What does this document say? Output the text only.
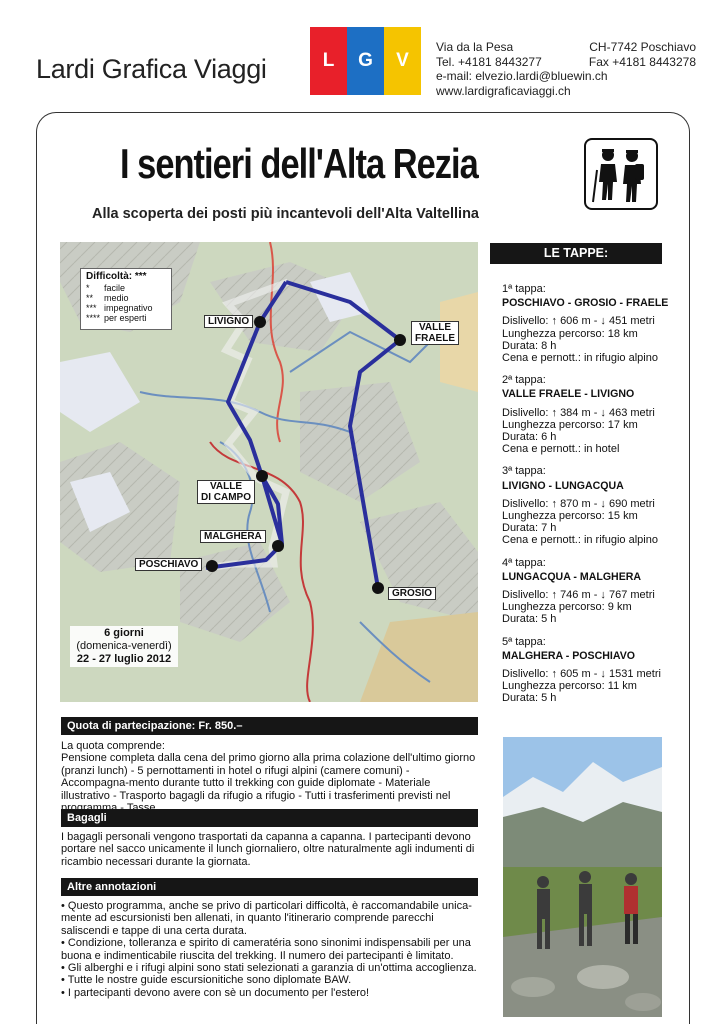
Lardi Grafica Viaggi	L	G	V
Via da la Pesa	CH-7742 Poschiavo
Tel. +4181 8443277	Fax +4181 8443278
e-mail: elvezio.lardi@bluewin.ch
www.lardigraficaviaggi.ch
I sentieri dell'Alta Rezia
Alla scoperta dei posti più incantevoli dell'Alta Valtellina
Difficoltà: ***
*	facile
**	medio
*** impegnativo
**** per esperti	LIVIGNO
VALLE
FRAELE
VALLE
DI CAMPO
MALGHERA
POSCHIAVO
GROSIO
6 giorni
(domenica-venerdì)
22 - 27 luglio 2012
LE TAPPE:
1ª tappa:
POSCHIAVO - GROSIO - FRAELE
Dislivello: ↑ 606 m - ↓ 451 metri
Lunghezza percorso: 18 km
Durata: 8 h
Cena e pernott.: in rifugio alpino
2ª tappa:
VALLE FRAELE - LIVIGNO
Dislivello: ↑ 384 m - ↓ 463 metri
Lunghezza percorso: 17 km
Durata: 6 h
Cena e pernott.: in hotel
3ª tappa:
LIVIGNO - LUNGACQUA
Dislivello: ↑ 870 m - ↓ 690 metri
Lunghezza percorso: 15 km
Durata: 7 h
Cena e pernott.: in rifugio alpino
4ª tappa:
LUNGACQUA - MALGHERA
Dislivello: ↑ 746 m - ↓ 767 metri
Lunghezza percorso: 9 km
Durata: 5 h
5ª tappa:
MALGHERA - POSCHIAVO
Dislivello: ↑ 605 m - ↓ 1531 metri
Lunghezza percorso: 11 km
Durata: 5 h
Quota di partecipazione: Fr. 850.–
La quota comprende:
Pensione completa dalla cena del primo giorno alla prima colazione dell'ultimo giorno (pranzi lunch) - 5 pernottamenti in hotel o rifugi alpini (camere comuni) - Accompagna-mento durante tutto il trekking con guide diplomate - Materiale illustrativo - Trasporto bagagli da rifugio a rifugio - Tutti i trasferimenti previsti nel
Bagagli
I bagagli personali vengono trasportati da capanna a capanna. I partecipanti devono portare nel sacco unicamente il lunch giornaliero, oltre naturalmente agli indumenti di ricambio necessari durante la giornata.
Altre annotazioni
• Questo programma, anche se privo di particolari difficoltà, è raccomandabile unica-mente ad escursionisti ben allenati, in quanto l'itinerario comprende parecchi saliscendi e tappe di una certa durata.
• Condizione, tolleranza e spirito di cameratéria sono sinonimi indispensabili per una buona e indimenticabile riuscita del trekking. Il numero dei partecipanti è limitato.
• Gli alberghi e i rifugi alpini sono stati selezionati a garanzia di un'ottima accoglienza.
• Tutte le nostre guide escursionitiche sono diplomate BAW.
• I partecipanti devono avere con sè un documento per l'estero!
